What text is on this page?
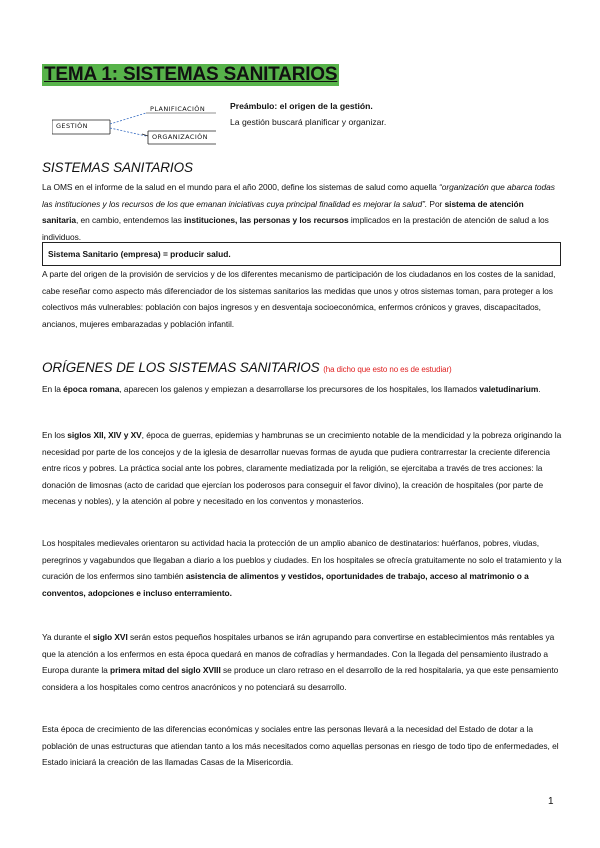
TEMA 1: SISTEMAS SANITARIOS
GESTIÓN
PLANIFICACIÓN
ORGANIZACIÓN
Preámbulo: el origen de la gestión.
La gestión buscará planificar y organizar.
SISTEMAS SANITARIOS
La OMS en el informe de la salud en el mundo para el año 2000, define los sistemas de salud como aquella “organización que abarca todas las instituciones y los recursos de los que emanan iniciativas cuya principal finalidad es mejorar la salud”. Por sistema de atención sanitaria, en cambio, entendemos las instituciones, las personas y los recursos implicados en la prestación de atención de salud a los individuos.
Sistema Sanitario (empresa) = producir salud.
A parte del origen de la provisión de servicios y de los diferentes mecanismo de participación de los ciudadanos en los costes de la sanidad, cabe reseñar como aspecto más diferenciador de los sistemas sanitarios las medidas que unos y otros sistemas toman, para proteger a los colectivos más vulnerables: población con bajos ingresos y en desventaja socioeconómica, enfermos crónicos y graves, discapacitados, ancianos, mujeres embarazadas y población infantil.
ORÍGENES DE LOS SISTEMAS SANITARIOS (ha dicho que esto no es de estudiar)
En la época romana, aparecen los galenos y empiezan a desarrollarse los precursores de los hospitales, los llamados valetudinarium.
En los siglos XII, XIV y XV, época de guerras, epidemias y hambrunas se un crecimiento notable de la mendicidad y la pobreza originando la necesidad por parte de los concejos y de la iglesia de desarrollar nuevas formas de ayuda que pudiera contrarrestar la creciente diferencia entre ricos y pobres. La práctica social ante los pobres, claramente mediatizada por la religión, se ejercitaba a través de tres acciones: la donación de limosnas (acto de caridad que ejercían los poderosos para conseguir el favor divino), la creación de hospitales (por parte de mecenas y nobles), y la atención al pobre y necesitado en los conventos y monasterios.
Los hospitales medievales orientaron su actividad hacia la protección de un amplio abanico de destinatarios: huérfanos, pobres, viudas, peregrinos y vagabundos que llegaban a diario a los pueblos y ciudades. En los hospitales se ofrecía gratuitamente no solo el tratamiento y la curación de los enfermos sino también asistencia de alimentos y vestidos, oportunidades de trabajo, acceso al matrimonio o a conventos, adopciones e incluso enterramiento.
Ya durante el siglo XVI serán estos pequeños hospitales urbanos se irán agrupando para convertirse en establecimientos más rentables ya que la atención a los enfermos en esta época quedará en manos de cofradías y hermandades. Con la llegada del pensamiento ilustrado a Europa durante la primera mitad del siglo XVIII se produce un claro retraso en el desarrollo de la red hospitalaria, ya que este pensamiento considera a los hospitales como centros anacrónicos y no potenciará su desarrollo.
Esta época de crecimiento de las diferencias económicas y sociales entre las personas llevará a la necesidad del Estado de dotar a la población de unas estructuras que atiendan tanto a los más necesitados como aquellas personas en riesgo de todo tipo de enfermedades, el Estado iniciará la creación de las llamadas Casas de la Misericordia.
1
